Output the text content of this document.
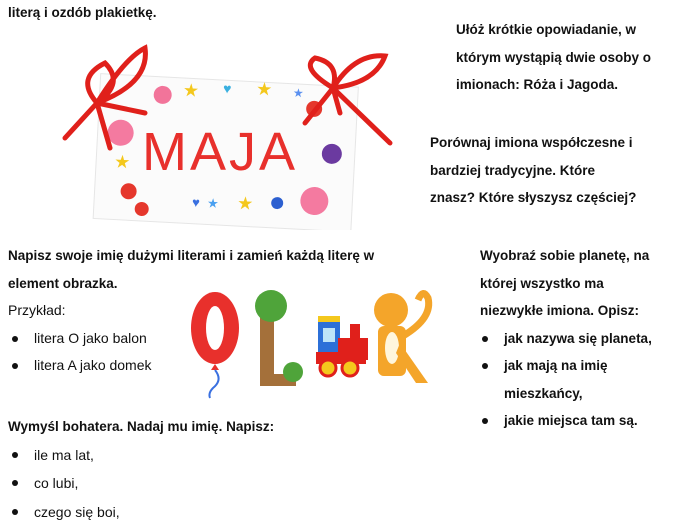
literą i ozdób plakietkę.
★	★
★
★
♥
♥ ★
★
MAJA
Ułóż krótkie opowiadanie, w
którym wystąpią dwie osoby o
imionach: Róża i Jagoda.
Porównaj imiona współczesne i
bardziej tradycyjne. Które
znasz? Które słyszysz częściej?
Napisz swoje imię dużymi literami i zamień każdą literę w
element obrazka.
Przykład:
litera O jako balon
litera A jako domek
Wymyśl bohatera. Nadaj mu imię. Napisz:
ile ma lat,
co lubi,
czego się boi,
Wyobraź sobie planetę, na
której wszystko ma
niezwykłe imiona. Opisz:
jak nazywa się planeta,
jak mają na imię
mieszkańcy,
jakie miejsca tam są.
